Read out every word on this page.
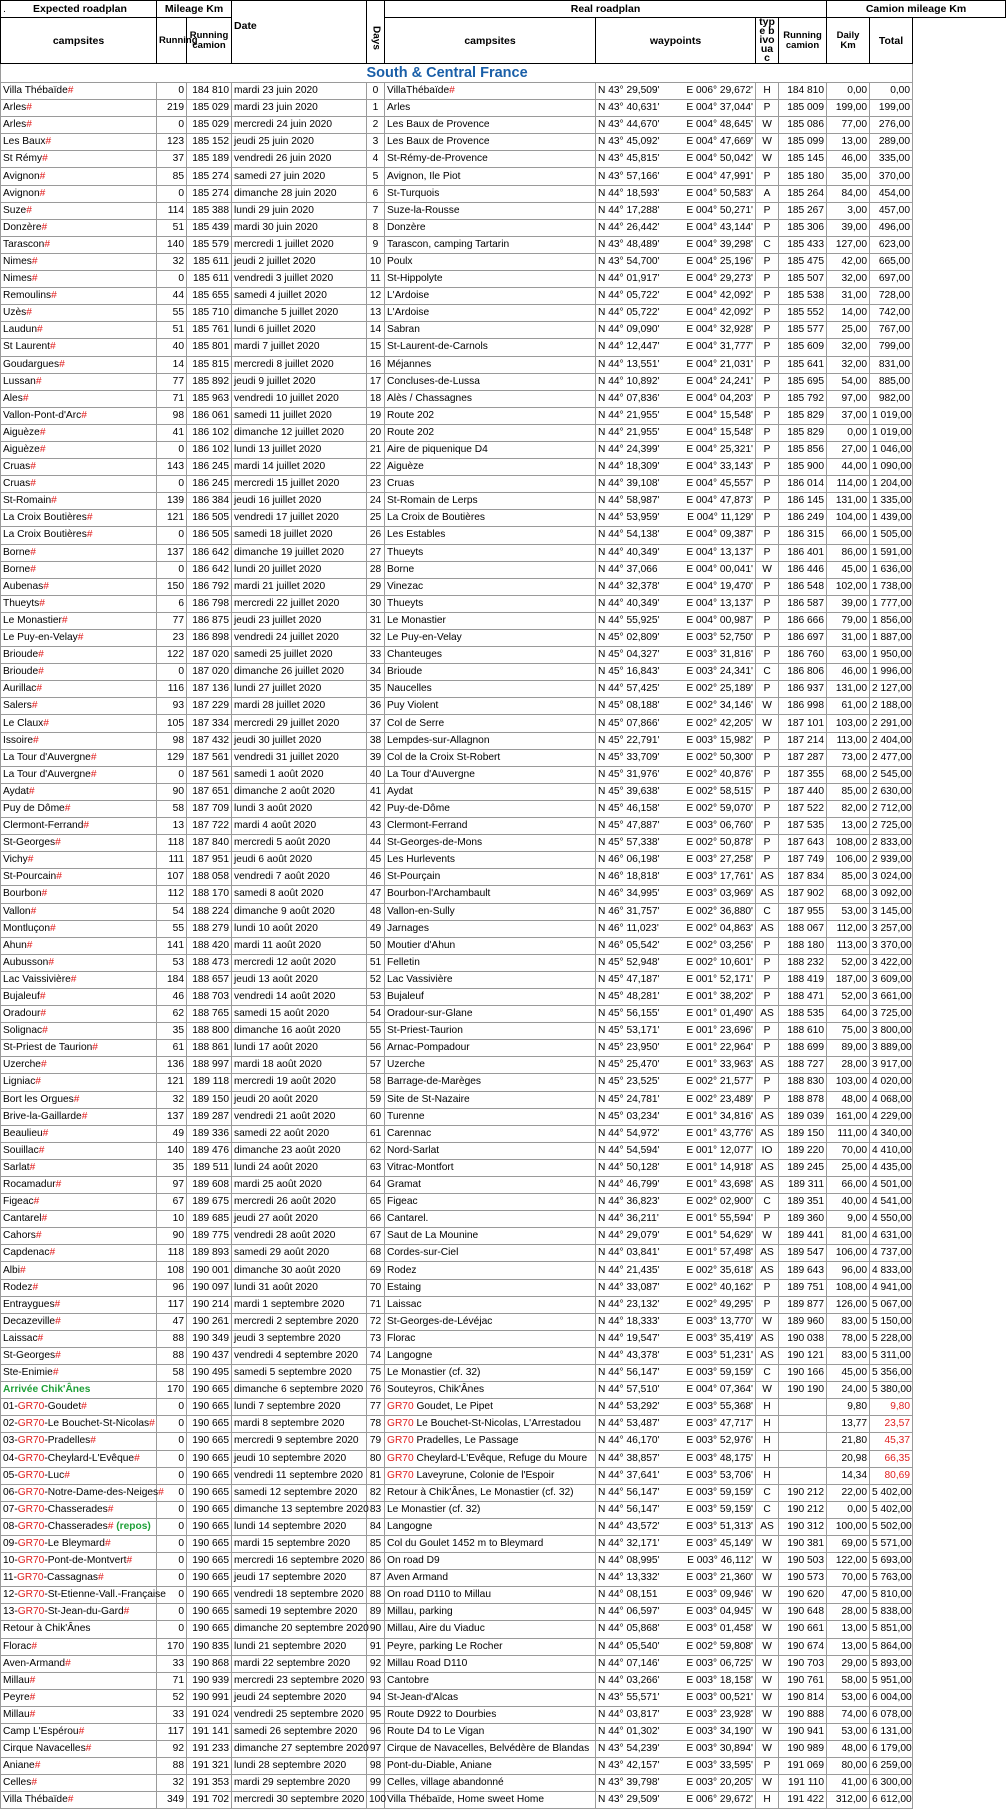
. Expected roadplan	Mileage Km				Real roadplan				Camion mileage Km	
campsites	Running	Running camion	Date	Days	campsites	waypoints	type bivouac	Running camion	Daily Km	Total
				South & Central France						
Villa Thébaïde#	0	184 810	mardi 23 juin 2020	0	VillaThébaïde#	N 43° 29,509' E 006° 29,672'	H	184 810	0,00	0,00
Arles#	219	185 029	mardi 23 juin 2020	1	Arles	N 43° 40,631' E 004° 37,044'	P	185 009	199,00	199,00
Arles#	0	185 029	mercredi 24 juin 2020	2	Les Baux de Provence	N 43° 44,670' E 004° 48,645'	W	185 086	77,00	276,00
Les Baux#	123	185 152	jeudi 25 juin 2020	3	Les Baux de Provence	N 43° 45,092' E 004° 47,669'	W	185 099	13,00	289,00
St Rémy#	37	185 189	vendredi 26 juin 2020	4	St-Rémy-de-Provence	N 43° 45,815' E 004° 50,042'	W	185 145	46,00	335,00
Avignon#	85	185 274	samedi 27 juin 2020	5	Avignon, Ile Piot	N 43° 57,166' E 004° 47,991'	P	185 180	35,00	370,00
Avignon#	0	185 274	dimanche 28 juin 2020	6	St-Turquois	N 44° 18,593' E 004° 50,583'	A	185 264	84,00	454,00
Suze#	114	185 388	lundi 29 juin 2020	7	Suze-la-Rousse	N 44° 17,288' E 004° 50,271'	P	185 267	3,00	457,00
Donzère#	51	185 439	mardi 30 juin 2020	8	Donzère	N 44° 26,442' E 004° 43,144'	P	185 306	39,00	496,00
Tarascon#	140	185 579	mercredi 1 juillet 2020	9	Tarascon, camping Tartarin	N 43° 48,489' E 004° 39,298'	C	185 433	127,00	623,00
Nimes#	32	185 611	jeudi 2 juillet 2020	10	Poulx	N 43° 54,700' E 004° 25,196'	P	185 475	42,00	665,00
Nimes#	0	185 611	vendredi 3 juillet 2020	11	St-Hippolyte	N 44° 01,917' E 004° 29,273'	P	185 507	32,00	697,00
Remoulins#	44	185 655	samedi 4 juillet 2020	12	L'Ardoise	N 44° 05,722' E 004° 42,092'	P	185 538	31,00	728,00
Uzès#	55	185 710	dimanche 5 juillet 2020	13	L'Ardoise	N 44° 05,722' E 004° 42,092'	P	185 552	14,00	742,00
Laudun#	51	185 761	lundi 6 juillet 2020	14	Sabran	N 44° 09,090' E 004° 32,928'	P	185 577	25,00	767,00
St Laurent#	40	185 801	mardi 7 juillet 2020	15	St-Laurent-de-Carnols	N 44° 12,447' E 004° 31,777'	P	185 609	32,00	799,00
Goudargues#	14	185 815	mercredi 8 juillet 2020	16	Méjannes	N 44° 13,551' E 004° 21,031'	P	185 641	32,00	831,00
Lussan#	77	185 892	jeudi 9 juillet 2020	17	Concluses-de-Lussa	N 44° 10,892' E 004° 24,241'	P	185 695	54,00	885,00
Ales#	71	185 963	vendredi 10 juillet 2020	18	Alès / Chassagnes	N 44° 07,836' E 004° 04,203'	P	185 792	97,00	982,00
Vallon-Pont-d'Arc#	98	186 061	samedi 11 juillet 2020	19	Route 202	N 44° 21,955' E 004° 15,548'	P	185 829	37,00	1 019,00
Aiguèze#	41	186 102	dimanche 12 juillet 2020	20	Route 202	N 44° 21,955' E 004° 15,548'	P	185 829	0,00	1 019,00
Aiguèze#	0	186 102	lundi 13 juillet 2020	21	Aire de piquenique D4	N 44° 24,399' E 004° 25,321'	P	185 856	27,00	1 046,00
Cruas#	143	186 245	mardi 14 juillet 2020	22	Aiguèze	N 44° 18,309' E 004° 33,143'	P	185 900	44,00	1 090,00
Cruas#	0	186 245	mercredi 15 juillet 2020	23	Cruas	N 44° 39,108' E 004° 45,557'	P	186 014	114,00	1 204,00
St-Romain#	139	186 384	jeudi 16 juillet 2020	24	St-Romain de Lerps	N 44° 58,987' E 004° 47,873'	P	186 145	131,00	1 335,00
La Croix Boutières#	121	186 505	vendredi 17 juillet 2020	25	La Croix de Boutières	N 44° 53,959' E 004° 11,129'	P	186 249	104,00	1 439,00
La Croix Boutières#	0	186 505	samedi 18 juillet 2020	26	Les Estables	N 44° 54,138' E 004° 09,387'	P	186 315	66,00	1 505,00
Borne#	137	186 642	dimanche 19 juillet 2020	27	Thueyts	N 44° 40,349' E 004° 13,137'	P	186 401	86,00	1 591,00
Borne#	0	186 642	lundi 20 juillet 2020	28	Borne	N 44° 37,066 E 004° 00,041'	W	186 446	45,00	1 636,00
Aubenas#	150	186 792	mardi 21 juillet 2020	29	Vinezac	N 44° 32,378' E 004° 19,470'	P	186 548	102,00	1 738,00
Thueyts#	6	186 798	mercredi 22 juillet 2020	30	Thueyts	N 44° 40,349' E 004° 13,137'	P	186 587	39,00	1 777,00
Le Monastier#	77	186 875	jeudi 23 juillet 2020	31	Le Monastier	N 44° 55,925' E 004° 00,987'	P	186 666	79,00	1 856,00
Le Puy-en-Velay#	23	186 898	vendredi 24 juillet 2020	32	Le Puy-en-Velay	N 45° 02,809' E 003° 52,750'	P	186 697	31,00	1 887,00
Brioude#	122	187 020	samedi 25 juillet 2020	33	Chanteuges	N 45° 04,327' E 003° 31,816'	P	186 760	63,00	1 950,00
Brioude#	0	187 020	dimanche 26 juillet 2020	34	Brioude	N 45° 16,843' E 003° 24,341'	C	186 806	46,00	1 996,00
Aurillac#	116	187 136	lundi 27 juillet 2020	35	Naucelles	N 44° 57,425' E 002° 25,189'	P	186 937	131,00	2 127,00
Salers#	93	187 229	mardi 28 juillet 2020	36	Puy Violent	N 45° 08,188' E 002° 34,146'	W	186 998	61,00	2 188,00
Le Claux#	105	187 334	mercredi 29 juillet 2020	37	Col de Serre	N 45° 07,866' E 002° 42,205'	W	187 101	103,00	2 291,00
Issoire#	98	187 432	jeudi 30 juillet 2020	38	Lempdes-sur-Allagnon	N 45° 22,791' E 003° 15,982'	P	187 214	113,00	2 404,00
La Tour d'Auvergne#	129	187 561	vendredi 31 juillet 2020	39	Col de la Croix St-Robert	N 45° 33,709' E 002° 50,300'	P	187 287	73,00	2 477,00
La Tour d'Auvergne#	0	187 561	samedi 1 août 2020	40	La Tour d'Auvergne	N 45° 31,976' E 002° 40,876'	P	187 355	68,00	2 545,00
Aydat#	90	187 651	dimanche 2 août 2020	41	Aydat	N 45° 39,638' E 002° 58,515'	P	187 440	85,00	2 630,00
Puy de Dôme#	58	187 709	lundi 3 août 2020	42	Puy-de-Dôme	N 45° 46,158' E 002° 59,070'	P	187 522	82,00	2 712,00
Clermont-Ferrand#	13	187 722	mardi 4 août 2020	43	Clermont-Ferrand	N 45° 47,887' E 003° 06,760'	P	187 535	13,00	2 725,00
St-Georges#	118	187 840	mercredi 5 août 2020	44	St-Georges-de-Mons	N 45° 57,338' E 002° 50,878'	P	187 643	108,00	2 833,00
Vichy#	111	187 951	jeudi 6 août 2020	45	Les Hurlevents	N 46° 06,198' E 003° 27,258'	P	187 749	106,00	2 939,00
St-Pourcain#	107	188 058	vendredi 7 août 2020	46	St-Pourçain	N 46° 18,818' E 003° 17,761'	AS	187 834	85,00	3 024,00
Bourbon#	112	188 170	samedi 8 août 2020	47	Bourbon-l'Archambault	N 46° 34,995' E 003° 03,969'	AS	187 902	68,00	3 092,00
Vallon#	54	188 224	dimanche 9 août 2020	48	Vallon-en-Sully	N 46° 31,757' E 002° 36,880'	C	187 955	53,00	3 145,00
Montluçon#	55	188 279	lundi 10 août 2020	49	Jarnages	N 46° 11,023' E 002° 04,863'	AS	188 067	112,00	3 257,00
Ahun#	141	188 420	mardi 11 août 2020	50	Moutier d'Ahun	N 46° 05,542' E 002° 03,256'	P	188 180	113,00	3 370,00
Aubusson#	53	188 473	mercredi 12 août 2020	51	Felletin	N 45° 52,948' E 002° 10,601'	P	188 232	52,00	3 422,00
Lac Vaissivière#	184	188 657	jeudi 13 août 2020	52	Lac Vassivière	N 45° 47,187' E 001° 52,171'	P	188 419	187,00	3 609,00
Bujaleuf#	46	188 703	vendredi 14 août 2020	53	Bujaleuf	N 45° 48,281' E 001° 38,202'	P	188 471	52,00	3 661,00
Oradour#	62	188 765	samedi 15 août 2020	54	Oradour-sur-Glane	N 45° 56,155' E 001° 01,490'	AS	188 535	64,00	3 725,00
Solignac#	35	188 800	dimanche 16 août 2020	55	St-Priest-Taurion	N 45° 53,171' E 001° 23,696'	P	188 610	75,00	3 800,00
St-Priest de Taurion#	61	188 861	lundi 17 août 2020	56	Arnac-Pompadour	N 45° 23,950' E 001° 22,964'	P	188 699	89,00	3 889,00
Uzerche#	136	188 997	mardi 18 août 2020	57	Uzerche	N 45° 25,470' E 001° 33,963'	AS	188 727	28,00	3 917,00
Ligniac#	121	189 118	mercredi 19 août 2020	58	Barrage-de-Marèges	N 45° 23,525' E 002° 21,577'	P	188 830	103,00	4 020,00
Bort les Orgues#	32	189 150	jeudi 20 août 2020	59	Site de St-Nazaire	N 45° 24,781' E 002° 23,489'	P	188 878	48,00	4 068,00
Brive-la-Gaillarde#	137	189 287	vendredi 21 août 2020	60	Turenne	N 45° 03,234' E 001° 34,816'	AS	189 039	161,00	4 229,00
Beaulieu#	49	189 336	samedi 22 août 2020	61	Carennac	N 44° 54,972' E 001° 43,776'	AS	189 150	111,00	4 340,00
Souillac#	140	189 476	dimanche 23 août 2020	62	Nord-Sarlat	N 44° 54,594' E 001° 12,077'	IO	189 220	70,00	4 410,00
Sarlat#	35	189 511	lundi 24 août 2020	63	Vitrac-Montfort	N 44° 50,128' E 001° 14,918'	AS	189 245	25,00	4 435,00
Rocamadur#	97	189 608	mardi 25 août 2020	64	Gramat	N 44° 46,799' E 001° 43,698'	AS	189 311	66,00	4 501,00
Figeac#	67	189 675	mercredi 26 août 2020	65	Figeac	N 44° 36,823' E 002° 02,900'	C	189 351	40,00	4 541,00
Cantarel#	10	189 685	jeudi 27 août 2020	66	Cantarel.	N 44° 36,211' E 001° 55,594'	P	189 360	9,00	4 550,00
Cahors#	90	189 775	vendredi 28 août 2020	67	Saut de La Mounine	N 44° 29,079' E 001° 54,629'	W	189 441	81,00	4 631,00
Capdenac#	118	189 893	samedi 29 août 2020	68	Cordes-sur-Ciel	N 44° 03,841' E 001° 57,498'	AS	189 547	106,00	4 737,00
Albi#	108	190 001	dimanche 30 août 2020	69	Rodez	N 44° 21,435' E 002° 35,618'	AS	189 643	96,00	4 833,00
Rodez#	96	190 097	lundi 31 août 2020	70	Estaing	N 44° 33,087' E 002° 40,162'	P	189 751	108,00	4 941,00
Entraygues#	117	190 214	mardi 1 septembre 2020	71	Laissac	N 44° 23,132' E 002° 49,295'	P	189 877	126,00	5 067,00
Decazeville#	47	190 261	mercredi 2 septembre 2020	72	St-Georges-de-Lévéjac	N 44° 18,333' E 003° 13,770'	W	189 960	83,00	5 150,00
Laissac#	88	190 349	jeudi 3 septembre 2020	73	Florac	N 44° 19,547' E 003° 35,419'	AS	190 038	78,00	5 228,00
St-Georges#	88	190 437	vendredi 4 septembre 2020	74	Langogne	N 44° 43,378' E 003° 51,231'	AS	190 121	83,00	5 311,00
Ste-Enimie#	58	190 495	samedi 5 septembre 2020	75	Le Monastier (cf. 32)	N 44° 56,147' E 003° 59,159'	C	190 166	45,00	5 356,00
Arrivée Chik'Ânes	170	190 665	dimanche 6 septembre 2020	76	Souteyros, Chik'Ânes	N 44° 57,510' E 004° 07,364'	W	190 190	24,00	5 380,00
01-GR70-Goudet#	0	190 665	lundi 7 septembre 2020	77	GR70 Goudet, Le Pipet	N 44° 53,292' E 003° 55,368'	H		9,80	9,80
02-GR70-Le Bouchet-St-Nicolas#	0	190 665	mardi 8 septembre 2020	78	GR70 Le Bouchet-St-Nicolas, L'Arrestadou	N 44° 53,487' E 003° 47,717'	H		13,77	23,57
03-GR70-Pradelles#	0	190 665	mercredi 9 septembre 2020	79	GR70 Pradelles, Le Passage	N 44° 46,170' E 003° 52,976'	H		21,80	45,37
04-GR70-Cheylard-L'Evêque#	0	190 665	jeudi 10 septembre 2020	80	GR70 Cheylard-L'Evêque, Refuge du Moure	N 44° 38,857' E 003° 48,175'	H		20,98	66,35
05-GR70-Luc#	0	190 665	vendredi 11 septembre 2020	81	GR70 Laveyrune, Colonie de l'Espoir	N 44° 37,641' E 003° 53,706'	H		14,34	80,69
06-GR70-Notre-Dame-des-Neiges#	0	190 665	samedi 12 septembre 2020	82	Retour à Chik'Ânes, Le Monastier (cf. 32)	N 44° 56,147' E 003° 59,159'	C	190 212	22,00	5 402,00
07-GR70-Chasserades#	0	190 665	dimanche 13 septembre 2020	83	Le Monastier (cf. 32)	N 44° 56,147' E 003° 59,159'	C	190 212	0,00	5 402,00
08-GR70-Chasserades# (repos)	0	190 665	lundi 14 septembre 2020	84	Langogne	N 44° 43,572' E 003° 51,313'	AS	190 312	100,00	5 502,00
09-GR70-Le Bleymard#	0	190 665	mardi 15 septembre 2020	85	Col du Goulet 1452 m to Bleymard	N 44° 32,171' E 003° 45,149'	W	190 381	69,00	5 571,00
10-GR70-Pont-de-Montvert#	0	190 665	mercredi 16 septembre 2020	86	On road D9	N 44° 08,995' E 003° 46,112'	W	190 503	122,00	5 693,00
11-GR70-Cassagnas#	0	190 665	jeudi 17 septembre 2020	87	Aven Armand	N 44° 13,332' E 003° 21,360'	W	190 573	70,00	5 763,00
12-GR70-St-Etienne-Vall.-Française	0	190 665	vendredi 18 septembre 2020	88	On road D110 to Millau	N 44° 08,151 E 003° 09,946'	W	190 620	47,00	5 810,00
13-GR70-St-Jean-du-Gard#	0	190 665	samedi 19 septembre 2020	89	Millau, parking	N 44° 06,597' E 003° 04,945'	W	190 648	28,00	5 838,00
Retour à Chik'Ânes	0	190 665	dimanche 20 septembre 2020	90	Millau, Aire du Viaduc	N 44° 05,868' E 003° 01,458'	W	190 661	13,00	5 851,00
Florac#	170	190 835	lundi 21 septembre 2020	91	Peyre, parking Le Rocher	N 44° 05,540' E 002° 59,808'	W	190 674	13,00	5 864,00
Aven-Armand#	33	190 868	mardi 22 septembre 2020	92	Millau Road D110	N 44° 07,146' E 003° 06,725'	W	190 703	29,00	5 893,00
Millau#	71	190 939	mercredi 23 septembre 2020	93	Cantobre	N 44° 03,266' E 003° 18,158'	W	190 761	58,00	5 951,00
Peyre#	52	190 991	jeudi 24 septembre 2020	94	St-Jean-d'Alcas	N 43° 55,571' E 003° 00,521'	W	190 814	53,00	6 004,00
Millau#	33	191 024	vendredi 25 septembre 2020	95	Route D922 to Dourbies	N 44° 03,817' E 003° 23,928'	W	190 888	74,00	6 078,00
Camp L'Espérou#	117	191 141	samedi 26 septembre 2020	96	Route D4 to Le Vigan	N 44° 01,302' E 003° 34,190'	W	190 941	53,00	6 131,00
Cirque Navacelles#	92	191 233	dimanche 27 septembre 2020	97	Cirque de Navacelles, Belvédère de Blandas	N 43° 54,239' E 003° 30,894'	W	190 989	48,00	6 179,00
Aniane#	88	191 321	lundi 28 septembre 2020	98	Pont-du-Diable, Aniane	N 43° 42,157' E 003° 33,595'	P	191 069	80,00	6 259,00
Celles#	32	191 353	mardi 29 septembre 2020	99	Celles, village abandonné	N 43° 39,798' E 003° 20,205'	W	191 110	41,00	6 300,00
Villa Thébaïde#	349	191 702	mercredi 30 septembre 2020	100	Villa Thébaïde, Home sweet Home	N 43° 29,509' E 006° 29,672'	H	191 422	312,00	6 612,00
